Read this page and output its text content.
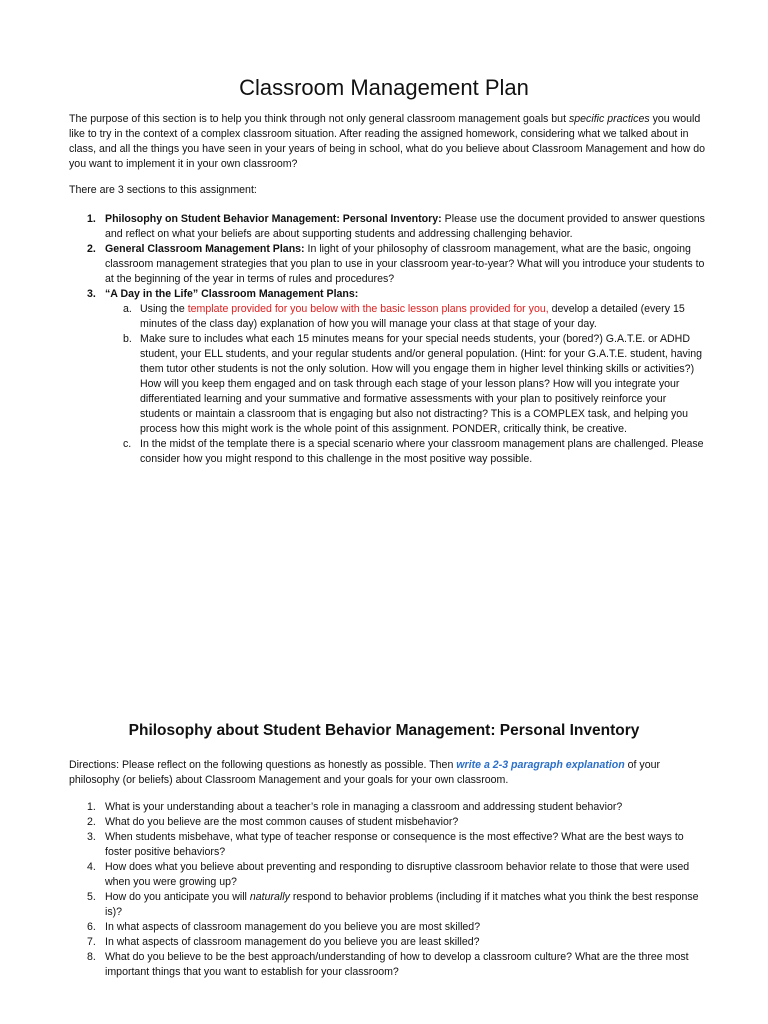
Classroom Management Plan

The purpose of this section is to help you think through not only general classroom management goals but specific practices you would like to try in the context of a complex classroom situation. After reading the assigned homework, considering what we talked about in class, and all the things you have seen in your years of being in school, what do you believe about Classroom Management and how do you want to implement it in your own classroom?

There are 3 sections to this assignment:

1. Philosophy on Student Behavior Management: Personal Inventory: Please use the document provided to answer questions and reflect on what your beliefs are about supporting students and addressing challenging behavior.
2. General Classroom Management Plans: In light of your philosophy of classroom management, what are the basic, ongoing classroom management strategies that you plan to use in your classroom year-to-year? What will you introduce your students to at the beginning of the year in terms of rules and procedures?
3. “A Day in the Life” Classroom Management Plans:
a. Using the template provided for you below with the basic lesson plans provided for you, develop a detailed (every 15 minutes of the class day) explanation of how you will manage your class at that stage of your day.
b. Make sure to includes what each 15 minutes means for your special needs students, your (bored?) G.A.T.E. or ADHD student, your ELL students, and your regular students and/or general population. (Hint: for your G.A.T.E. student, having them tutor other students is not the only solution. How will you engage them in higher level thinking skills or activities?) How will you keep them engaged and on task through each stage of your lesson plans? How will you integrate your differentiated learning and your summative and formative assessments with your plan to positively reinforce your students or maintain a classroom that is engaging but also not distracting? This is a COMPLEX task, and helping you process how this might work is the whole point of this assignment. PONDER, critically think, be creative.
c. In the midst of the template there is a special scenario where your classroom management plans are challenged. Please consider how you might respond to this challenge in the most positive way possible.
Philosophy about Student Behavior Management: Personal Inventory

Directions: Please reflect on the following questions as honestly as possible. Then write a 2-3 paragraph explanation of your philosophy (or beliefs) about Classroom Management and your goals for your own classroom.

1. What is your understanding about a teacher’s role in managing a classroom and addressing student behavior?
2. What do you believe are the most common causes of student misbehavior?
3. When students misbehave, what type of teacher response or consequence is the most effective? What are the best ways to foster positive behaviors?
4. How does what you believe about preventing and responding to disruptive classroom behavior relate to those that were used when you were growing up?
5. How do you anticipate you will naturally respond to behavior problems (including if it matches what you think the best response is)?
6. In what aspects of classroom management do you believe you are most skilled?
7. In what aspects of classroom management do you believe you are least skilled?
8. What do you believe to be the best approach/understanding of how to develop a classroom culture? What are the three most important things that you want to establish for your classroom?
